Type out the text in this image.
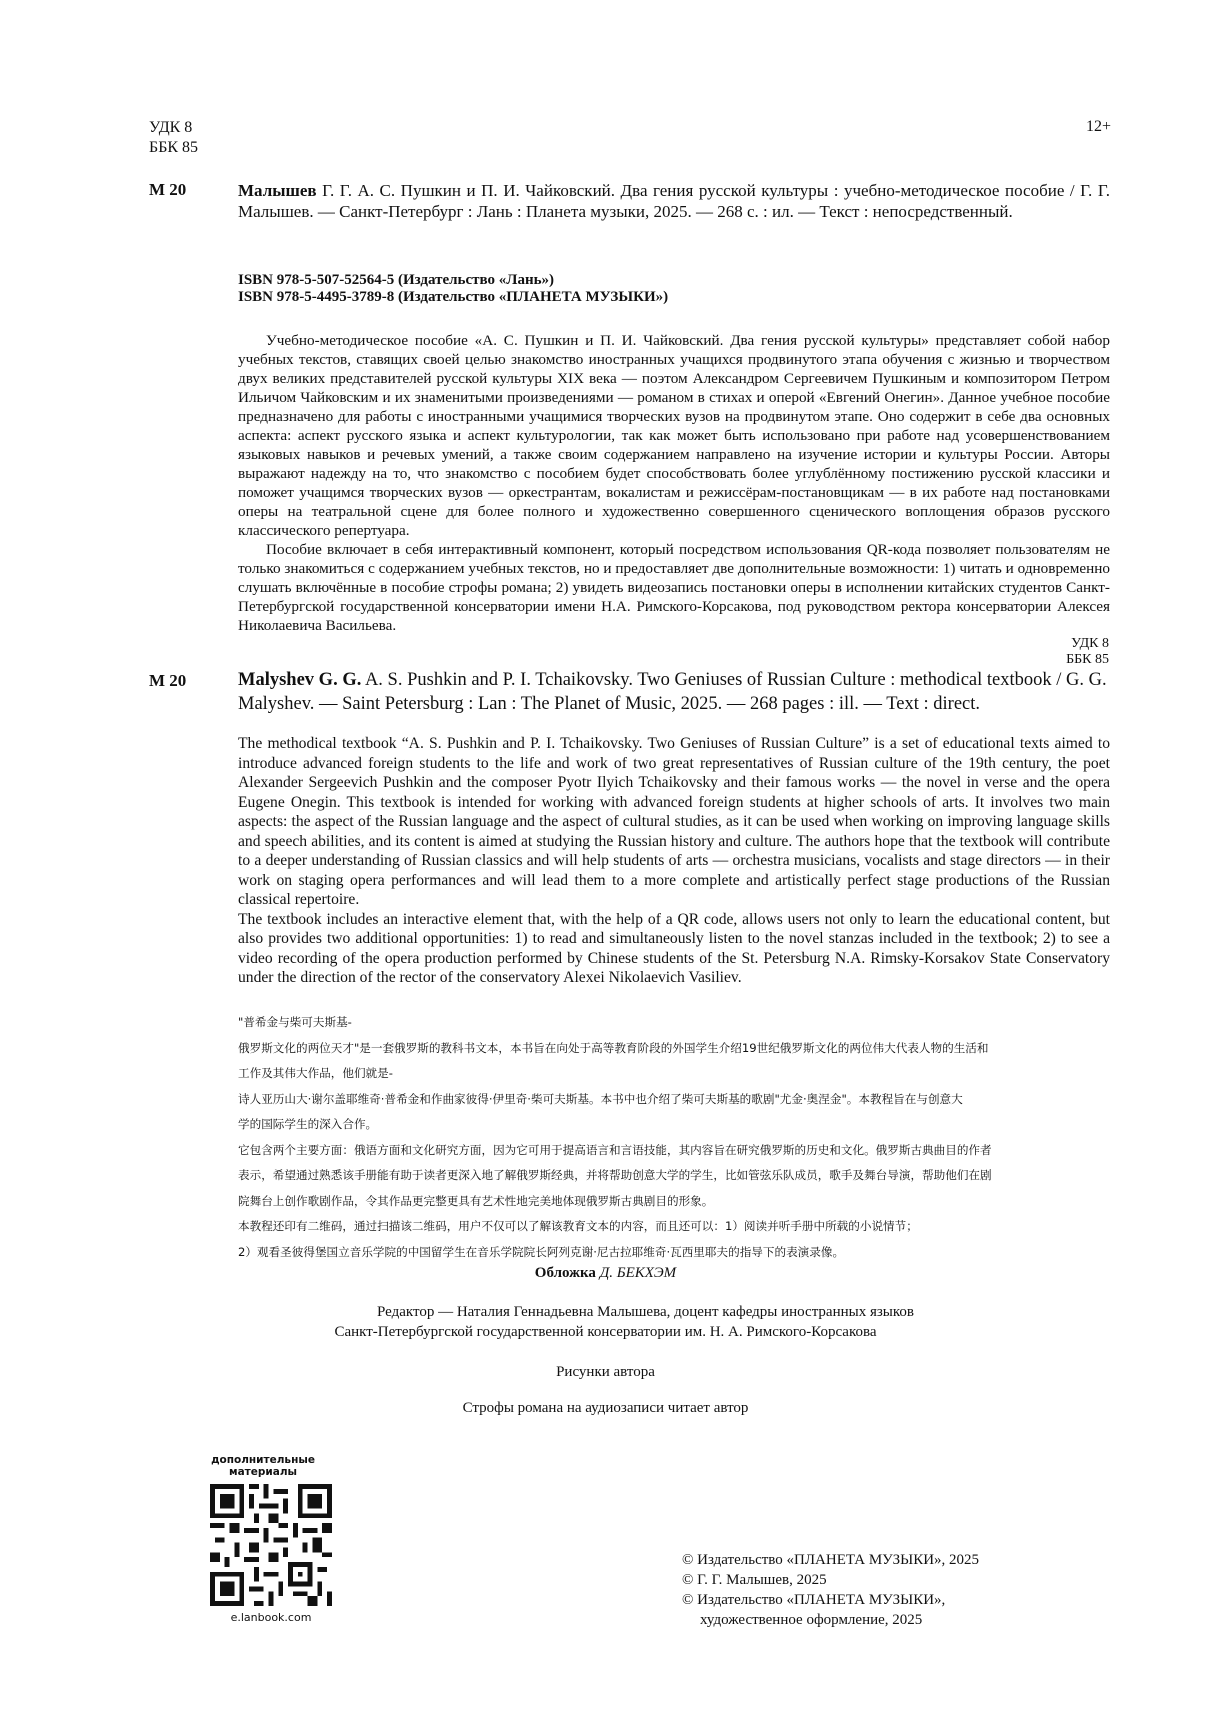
УДК 8
ББК 85
12+
М 20	Малышев Г. Г. А. С. Пушкин и П. И. Чайковский. Два гения русской культуры : учебно-методическое пособие / Г. Г. Малышев. — Санкт-Петербург : Лань : Планета музыки, 2025. — 268 с. : ил. — Текст : непосредственный.
ISBN 978-5-507-52564-5 (Издательство «Лань»)
ISBN 978-5-4495-3789-8 (Издательство «ПЛАНЕТА МУЗЫКИ»)

Учебно-методическое пособие «А. С. Пушкин и П. И. Чайковский. Два гения русской культуры» представляет собой набор учебных текстов, ставящих своей целью знакомство иностранных учащихся продвинутого этапа обучения с жизнью и творчеством двух великих представителей русской культуры XIX века — поэтом Александром Сергеевичем Пушкиным и композитором Петром Ильичом Чайковским и их знаменитыми произведениями — романом в стихах и оперой «Евгений Онегин». Данное учебное пособие предназначено для работы с иностранными учащимися творческих вузов на продвинутом этапе. Оно содержит в себе два основных аспекта: аспект русского языка и аспект культурологии, так как может быть использовано при работе над усовершенствованием языковых навыков и речевых умений, а также своим содержанием направлено на изучение истории и культуры России. Авторы выражают надежду на то, что знакомство с пособием будет способствовать более углублённому постижению русской классики и поможет учащимся творческих вузов — оркестрантам, вокалистам и режиссёрам-постановщикам — в их работе над постановками оперы на театральной сцене для более полного и художественно совершенного сценического воплощения образов русского классического репертуара.

Пособие включает в себя интерактивный компонент, который посредством использования QR-кода позволяет пользователям не только знакомиться с содержанием учебных текстов, но и предоставляет две дополнительные возможности: 1) читать и одновременно слушать включённые в пособие строфы романа; 2) увидеть видеозапись постановки оперы в исполнении китайских студентов Санкт-Петербургской государственной консерватории имени Н.А. Римского-Корсакова, под руководством ректора консерватории Алексея Николаевича Васильева.

УДК 8
ББК 85
М 20	Malyshev G. G. A. S. Pushkin and P. I. Tchaikovsky. Two Geniuses of Russian Culture : methodical textbook / G. G. Malyshev. — Saint Petersburg : Lan : The Planet of Music, 2025. — 268 pages : ill. — Text : direct.

The methodical textbook “A. S. Pushkin and P. I. Tchaikovsky. Two Geniuses of Russian Culture” is a set of educational texts aimed to introduce advanced foreign students to the life and work of two great representatives of Russian culture of the 19th century, the poet Alexander Sergeevich Pushkin and the composer Pyotr Ilyich Tchaikovsky and their famous works — the novel in verse and the opera Eugene Onegin. This textbook is intended for working with advanced foreign students at higher schools of arts. It involves two main aspects: the aspect of the Russian language and the aspect of cultural studies, as it can be used when working on improving language skills and speech abilities, and its content is aimed at studying the Russian history and culture. The authors hope that the textbook will contribute to a deeper understanding of Russian classics and will help students of arts — orchestra musicians, vocalists and stage directors — in their work on staging opera performances and will lead them to a more complete and artistically perfect stage productions of the Russian classical repertoire.

The textbook includes an interactive element that, with the help of a QR code, allows users not only to learn the educational content, but also provides two additional opportunities: 1) to read and simultaneously listen to the novel stanzas included in the textbook; 2) to see a video recording of the opera production performed by Chinese students of the St. Petersburg N.A. Rimsky-Korsakov State Conservatory under the direction of the rector of the conservatory Alexei Nikolaevich Vasiliev.

"普希金与柴可夫斯基-
俄罗斯文化的两位天才"是一套俄罗斯的教科书文本，本书旨在向处于高等教育阶段的外国学生介绍19世纪俄罗斯文化的两位伟大代表人物的生活和
工作及其伟大作品，他们就是-
诗人亚历山大·谢尔盖耶维奇·普希金和作曲家彼得·伊里奇·柴可夫斯基。本书中也介绍了柴可夫斯基的歌剧"尤金·奥涅金"。本教程旨在与创意大
学的国际学生的深入合作。
它包含两个主要方面：俄语方面和文化研究方面，因为它可用于提高语言和言语技能，其内容旨在研究俄罗斯的历史和文化。俄罗斯古典曲目的作者
表示，希望通过熟悉该手册能有助于读者更深入地了解俄罗斯经典，并将帮助创意大学的学生，比如管弦乐队成员，歌手及舞台导演，帮助他们在剧
院舞台上创作歌剧作品，令其作品更完整更具有艺术性地完美地体现俄罗斯古典剧目的形象。
本教程还印有二维码，通过扫描该二维码，用户不仅可以了解该教育文本的内容，而且还可以：1）阅读并听手册中所载的小说情节；
2）观看圣彼得堡国立音乐学院的中国留学生在音乐学院院长阿列克谢·尼古拉耶维奇·瓦西里耶夫的指导下的表演录像。
Обложка Д. БЕКХЭМ
Редактор — Наталия Геннадьевна Малышева, доцент кафедры иностранных языков
Санкт-Петербургской государственной консерватории им. Н. А. Римского-Корсакова
Рисунки автора
Строфы романа на аудиозаписи читает автор
дополнительные
материалы
e.lanbook.com
© Издательство «ПЛАНЕТА МУЗЫКИ», 2025
© Г. Г. Малышев, 2025
© Издательство «ПЛАНЕТА МУЗЫКИ»,
художественное оформление, 2025
